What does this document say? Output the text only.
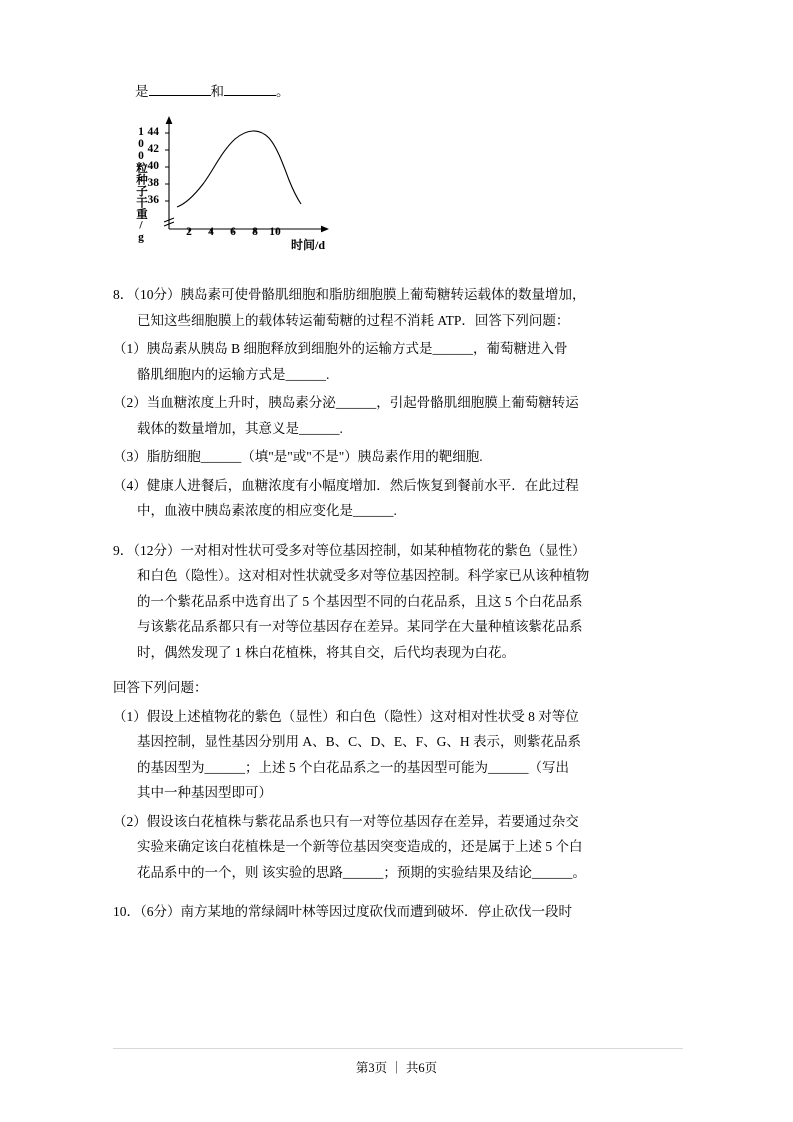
是	和	。
100粒种子干重/g
时间/d
44
42
40
38
36
2	4	6	8 10
8．（10分）胰岛素可使骨骼肌细胞和脂肪细胞膜上葡萄糖转运载体的数量增加，
已知这些细胞膜上的载体转运葡萄糖的过程不消耗 ATP．回答下列问题：
（1）胰岛素从胰岛 B 细胞释放到细胞外的运输方式是______，葡萄糖进入骨
骼肌细胞内的运输方式是______.
（2）当血糖浓度上升时，胰岛素分泌______，引起骨骼肌细胞膜上葡萄糖转运
载体的数量增加，其意义是______.
（3）脂肪细胞______（填"是"或"不是"）胰岛素作用的靶细胞.
（4）健康人进餐后，血糖浓度有小幅度增加．然后恢复到餐前水平．在此过程
中，血液中胰岛素浓度的相应变化是______.
9．（12分）一对相对性状可受多对等位基因控制，如某种植物花的紫色（显性）
和白色（隐性）。这对相对性状就受多对等位基因控制。科学家已从该种植物
的一个紫花品系中选育出了 5 个基因型不同的白花品系，且这 5 个白花品系
与该紫花品系都只有一对等位基因存在差异。某同学在大量种植该紫花品系
时，偶然发现了 1 株白花植株，将其自交，后代均表现为白花。
回答下列问题：
（1）假设上述植物花的紫色（显性）和白色（隐性）这对相对性状受 8 对等位
基因控制，显性基因分别用 A、B、C、D、E、F、G、H 表示，则紫花品系
的基因型为______；上述 5 个白花品系之一的基因型可能为______（写出
其中一种基因型即可）
（2）假设该白花植株与紫花品系也只有一对等位基因存在差异，若要通过杂交
实验来确定该白花植株是一个新等位基因突变造成的，还是属于上述 5 个白
花品系中的一个，则 该实验的思路______；预期的实验结果及结论______。
10．（6分）南方某地的常绿阔叶林等因过度砍伐而遭到破坏．停止砍伐一段时
第3页 ｜ 共6页
